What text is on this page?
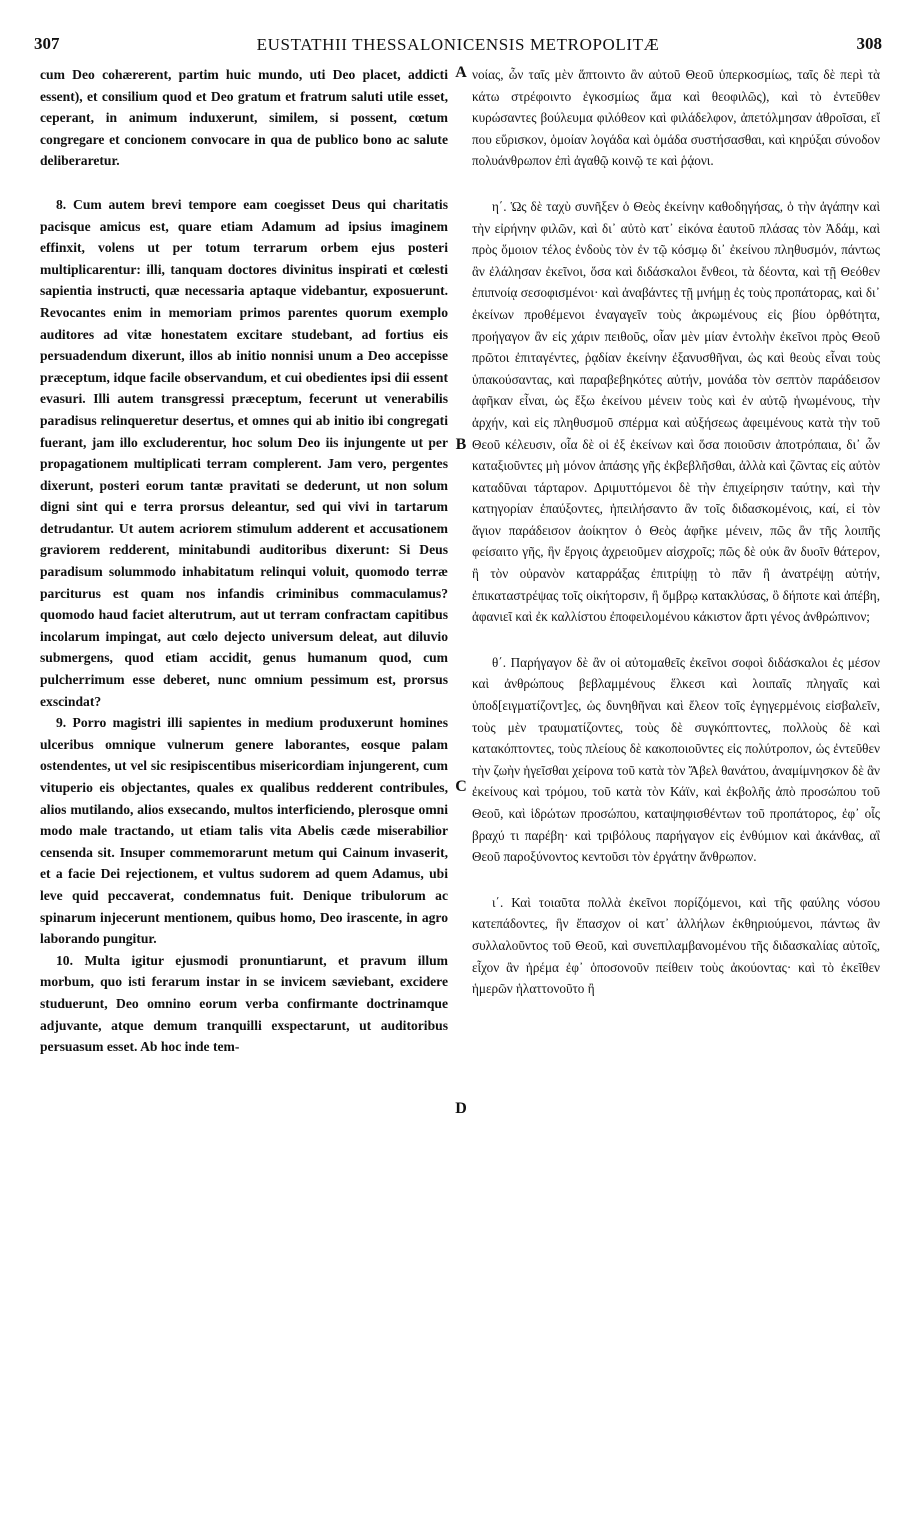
307	EUSTATHII THESSALONICENSIS METROPOLITÆ	308

cum Deo cohærerent, partim huic mundo, uti Deo placet, addicti essent), et consilium quod et Deo gratum et fratrum saluti utile esset, ceperant, in animum induxerunt, similem, si possent, cœtum congregare et concionem convocare in qua de publico bono ac salute deliberaretur.

8. Cum autem brevi tempore eam coegisset Deus qui charitatis pacisque amicus est, quare etiam Adamum ad ipsius imaginem effinxit, volens ut per totum terrarum orbem ejus posteri multiplicarentur: illi, tanquam doctores divinitus inspirati et cœlesti sapientia instructi, quæ necessaria aptaque videbantur, exposuerunt. Revocantes enim in memoriam primos parentes quorum exemplo auditores ad vitæ honestatem excitare studebant, ad fortius eis persuadendum dixerunt, illos ab initio nonnisi unum a Deo accepisse præceptum, idque facile observandum, et cui obedientes ipsi dii essent evasuri. Illi autem transgressi præceptum, fecerunt ut venerabilis paradisus relinqueretur desertus, et omnes qui ab initio ibi congregati fuerant, jam illo excluderentur, hoc solum Deo iis injungente ut per propagationem multiplicati terram complerent. Jam vero, pergentes dixerunt, posteri eorum tantæ pravitati se dederunt, ut non solum digni sint qui e terra prorsus deleantur, sed qui vivi in tartarum detrudantur. Ut autem acriorem stimulum adderent et accusationem graviorem redderent, minitabundi auditoribus dixerunt: Si Deus paradisum solummodo inhabitatum relinqui voluit, quomodo terræ parciturus est quam nos infandis criminibus commaculamus? quomodo haud faciet alterutrum, aut ut terram confractam capitibus incolarum impingat, aut cœlo dejecto universum deleat, aut diluvio submergens, quod etiam accidit, genus humanum quod, cum pulcherrimum esse deberet, nunc omnium pessimum est, prorsus exscindat?

9. Porro magistri illi sapientes in medium produxerunt homines ulceribus omnique vulnerum genere laborantes, eosque palam ostendentes, ut vel sic resipiscentibus misericordiam injungerent, cum vituperio eis objectantes, quales ex qualibus redderent contribules, alios mutilando, alios exsecando, multos interficiendo, plerosque omni modo male tractando, ut etiam talis vita Abelis cæde miserabilior censenda sit. Insuper commemorarunt metum qui Cainum invaserit, et a facie Dei rejectionem, et vultus sudorem ad quem Adamus, ubi leve quid peccaverat, condemnatus fuit. Denique tribulorum ac spinarum injecerunt mentionem, quibus homo, Deo irascente, in agro laborando pungitur.

10. Multa igitur ejusmodi pronuntiarunt, et pravum illum morbum, quo isti ferarum instar in se invicem sæviebant, excidere studuerunt, Deo omnino eorum verba confirmante doctrinamque adjuvante, atque demum tranquilli exspectarunt, ut auditoribus persuasum esset. Ab hoc inde tem-

A
B
C
D

νοίας, ὧν ταῖς μὲν ἅπτοιντο ἂν αὐτοῦ Θεοῦ ὑπερκοσμίως, ταῖς δὲ περὶ τὰ κάτω στρέφοιντο ἐγκοσμίως ἅμα καὶ θεοφιλῶς), καὶ τὸ ἐντεῦθεν κυρώσαντες βούλευμα φιλόθεον καὶ φιλάδελφον, ἀπετόλμησαν ἀθροῖσαι, εἴ που εὕρισκον, ὁμοίαν λογάδα καὶ ὁμάδα συστήσασθαι, καὶ κηρύξαι σύνοδον πολυάνθρωπον ἐπὶ ἀγαθῷ κοινῷ τε καὶ ῥᾴονι.

η΄. Ὡς δὲ ταχὺ συνῆξεν ὁ Θεὸς ἐκείνην καθοδηγήσας, ὁ τὴν ἀγάπην καὶ τὴν εἰρήνην φιλῶν, καὶ δι᾿ αὐτὸ κατ᾿ εἰκόνα ἑαυτοῦ πλάσας τὸν Ἀδάμ, καὶ πρὸς ὅμοιον τέλος ἐνδοὺς τὸν ἐν τῷ κόσμῳ δι᾿ ἐκείνου πληθυσμόν, πάντως ἂν ἐλάλησαν ἐκεῖνοι, ὅσα καὶ διδάσκαλοι ἔνθεοι, τὰ δέοντα, καὶ τῇ Θεόθεν ἐπιπνοίᾳ σεσοφισμένοι· καὶ ἀναβάντες τῇ μνήμῃ ἐς τοὺς προπάτορας, καὶ δι᾿ ἐκείνων προθέμενοι ἐναγαγεῖν τοὺς ἀκρωμένους εἰς βίου ὀρθότητα, προήγαγον ἂν εἰς χάριν πειθοῦς, οἷαν μὲν μίαν ἐντολὴν ἐκεῖνοι πρὸς Θεοῦ πρῶτοι ἐπιταγέντες, ῥᾳδίαν ἐκείνην ἐξανυσθῆναι, ὡς καὶ θεοὺς εἶναι τοὺς ὑπακούσαντας, καὶ παραβεβηκότες αὐτήν, μονάδα τὸν σεπτὸν παράδεισον ἀφῆκαν εἶναι, ὡς ἔξω ἐκείνου μένειν τοὺς καὶ ἐν αὐτῷ ἡνωμένους, τὴν ἀρχήν, καὶ εἰς πληθυσμοῦ σπέρμα καὶ αὐξήσεως ἀφειμένους κατὰ τὴν τοῦ Θεοῦ κέλευσιν, οἷα δὲ οἱ ἐξ ἐκείνων καὶ ὅσα ποιοῦσιν ἀποτρόπαια, δι᾿ ὧν καταξιοῦντες μὴ μόνον ἁπάσης γῆς ἐκβεβλῆσθαι, ἀλλὰ καὶ ζῶντας εἰς αὐτὸν καταδῦναι τάρταρον. Δριμυττόμενοι δὲ τὴν ἐπιχείρησιν ταύτην, καὶ τὴν κατηγορίαν ἐπαύξοντες, ἠπειλήσαντο ἂν τοῖς διδασκομένοις, καί, εἰ τὸν ἅγιον παράδεισον ἀοίκητον ὁ Θεὸς ἀφῆκε μένειν, πῶς ἂν τῆς λοιπῆς φείσαιτο γῆς, ἣν ἔργοις ἀχρειοῦμεν αἰσχροῖς; πῶς δὲ οὐκ ἂν δυοῖν θάτερον, ἢ τὸν οὐρανὸν καταρράξας ἐπιτρίψῃ τὸ πᾶν ἢ ἀνατρέψῃ αὐτήν, ἐπικαταστρέψας τοῖς οἰκήτορσιν, ἢ ὄμβρῳ κατακλύσας, ὃ δήποτε καὶ ἀπέβη, ἀφανιεῖ καὶ ἐκ καλλίστου ἐποφειλομένου κάκιστον ἄρτι γένος ἀνθρώπινον;

θ΄. Παρήγαγον δὲ ἂν οἱ αὐτομαθεῖς ἐκεῖνοι σοφοὶ διδάσκαλοι ἐς μέσον καὶ ἀνθρώπους βεβλαμμένους ἕλκεσι καὶ λοιπαῖς πληγαῖς καὶ ὑποδ[ειγματίζοντ]ες, ὡς δυνηθῆναι καὶ ἔλεον τοῖς ἐγηγερμένοις εἰσβαλεῖν, τοὺς μὲν τραυματίζοντες, τοὺς δὲ συγκόπτοντες, πολλοὺς δὲ καὶ κατακόπτοντες, τοὺς πλείους δὲ κακοποιοῦντες εἰς πολύτροπον, ὡς ἐντεῦθεν τὴν ζωὴν ἡγεῖσθαι χείρονα τοῦ κατὰ τὸν Ἄβελ θανάτου, ἀναμίμνησκον δὲ ἂν ἐκείνους καὶ τρόμου, τοῦ κατὰ τὸν Κάϊν, καὶ ἐκβολῆς ἀπὸ προσώπου τοῦ Θεοῦ, καὶ ἱδρώτων προσώπου, καταψηφισθέντων τοῦ προπάτορος, ἐφ᾿ οἷς βραχύ τι παρέβη· καὶ τριβόλους παρήγαγον εἰς ἐνθύμιον καὶ ἀκάνθας, αἳ Θεοῦ παροξύνοντος κεντοῦσι τὸν ἐργάτην ἄνθρωπον.

ι΄. Καὶ τοιαῦτα πολλὰ ἐκεῖνοι πορίζόμενοι, καὶ τῆς φαύλης νόσου κατεπάδοντες, ἣν ἔπασχον οἱ κατ᾿ ἀλλήλων ἐκθηριούμενοι, πάντως ἂν συλλαλοῦντος τοῦ Θεοῦ, καὶ συνεπιλαμβανομένου τῆς διδασκαλίας αὐτοῖς, εἶχον ἂν ἠρέμα ἐφ᾿ ὁποσονοῦν πείθειν τοὺς ἀκούοντας· καὶ τὸ ἐκεῖθεν ἡμερῶν ἡλαττονοῦτο ἢ
